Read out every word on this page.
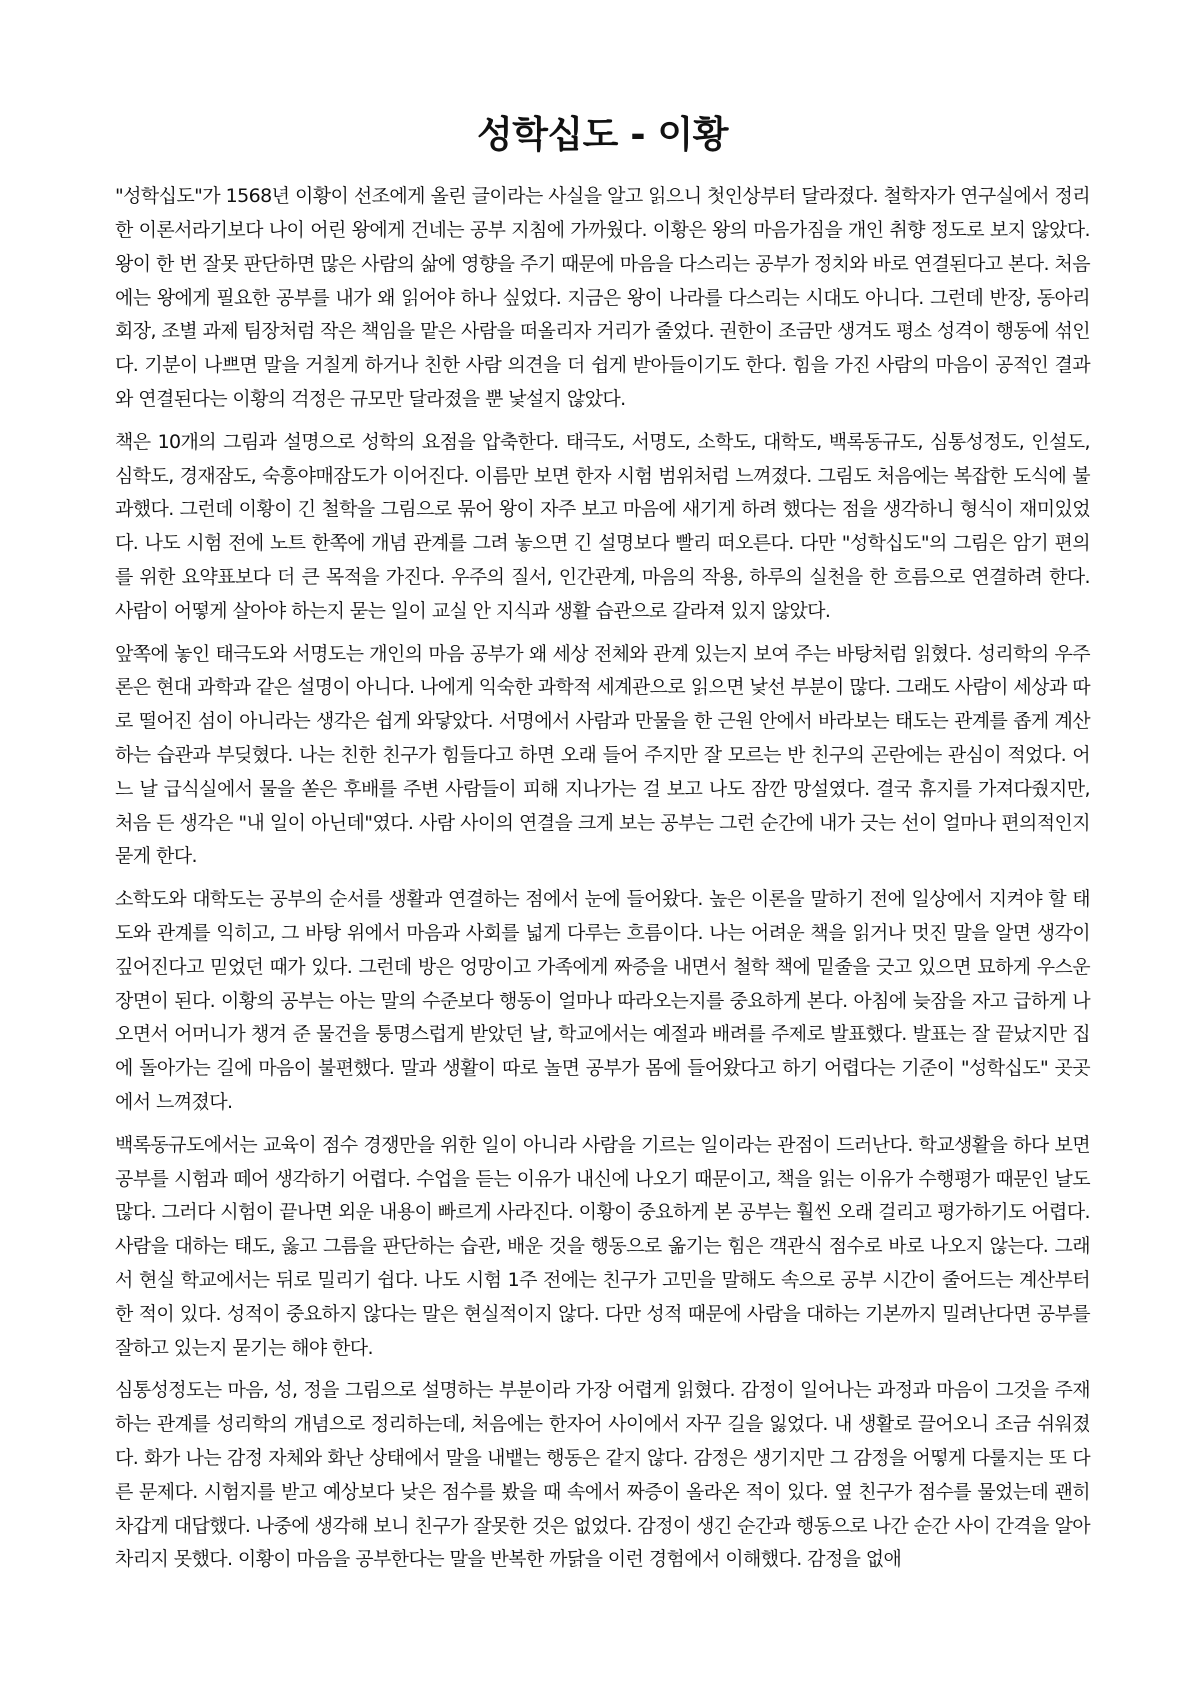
성학십도 - 이황

"성학십도"가 1568년 이황이 선조에게 올린 글이라는 사실을 알고 읽으니 첫인상부터 달라졌다. 철학자가 연구실에서 정리한 이론서라기보다 나이 어린 왕에게 건네는 공부 지침에 가까웠다. 이황은 왕의 마음가짐을 개인 취향 정도로 보지 않았다. 왕이 한 번 잘못 판단하면 많은 사람의 삶에 영향을 주기 때문에 마음을 다스리는 공부가 정치와 바로 연결된다고 본다. 처음에는 왕에게 필요한 공부를 내가 왜 읽어야 하나 싶었다. 지금은 왕이 나라를 다스리는 시대도 아니다. 그런데 반장, 동아리 회장, 조별 과제 팀장처럼 작은 책임을 맡은 사람을 떠올리자 거리가 줄었다. 권한이 조금만 생겨도 평소 성격이 행동에 섞인다. 기분이 나쁘면 말을 거칠게 하거나 친한 사람 의견을 더 쉽게 받아들이기도 한다. 힘을 가진 사람의 마음이 공적인 결과와 연결된다는 이황의 걱정은 규모만 달라졌을 뿐 낯설지 않았다.

책은 10개의 그림과 설명으로 성학의 요점을 압축한다. 태극도, 서명도, 소학도, 대학도, 백록동규도, 심통성정도, 인설도, 심학도, 경재잠도, 숙흥야매잠도가 이어진다. 이름만 보면 한자 시험 범위처럼 느껴졌다. 그림도 처음에는 복잡한 도식에 불과했다. 그런데 이황이 긴 철학을 그림으로 묶어 왕이 자주 보고 마음에 새기게 하려 했다는 점을 생각하니 형식이 재미있었다. 나도 시험 전에 노트 한쪽에 개념 관계를 그려 놓으면 긴 설명보다 빨리 떠오른다. 다만 "성학십도"의 그림은 암기 편의를 위한 요약표보다 더 큰 목적을 가진다. 우주의 질서, 인간관계, 마음의 작용, 하루의 실천을 한 흐름으로 연결하려 한다. 사람이 어떻게 살아야 하는지 묻는 일이 교실 안 지식과 생활 습관으로 갈라져 있지 않았다.

앞쪽에 놓인 태극도와 서명도는 개인의 마음 공부가 왜 세상 전체와 관계 있는지 보여 주는 바탕처럼 읽혔다. 성리학의 우주론은 현대 과학과 같은 설명이 아니다. 나에게 익숙한 과학적 세계관으로 읽으면 낯선 부분이 많다. 그래도 사람이 세상과 따로 떨어진 섬이 아니라는 생각은 쉽게 와닿았다. 서명에서 사람과 만물을 한 근원 안에서 바라보는 태도는 관계를 좁게 계산하는 습관과 부딪혔다. 나는 친한 친구가 힘들다고 하면 오래 들어 주지만 잘 모르는 반 친구의 곤란에는 관심이 적었다. 어느 날 급식실에서 물을 쏟은 후배를 주변 사람들이 피해 지나가는 걸 보고 나도 잠깐 망설였다. 결국 휴지를 가져다줬지만, 처음 든 생각은 "내 일이 아닌데"였다. 사람 사이의 연결을 크게 보는 공부는 그런 순간에 내가 긋는 선이 얼마나 편의적인지 묻게 한다.

소학도와 대학도는 공부의 순서를 생활과 연결하는 점에서 눈에 들어왔다. 높은 이론을 말하기 전에 일상에서 지켜야 할 태도와 관계를 익히고, 그 바탕 위에서 마음과 사회를 넓게 다루는 흐름이다. 나는 어려운 책을 읽거나 멋진 말을 알면 생각이 깊어진다고 믿었던 때가 있다. 그런데 방은 엉망이고 가족에게 짜증을 내면서 철학 책에 밑줄을 긋고 있으면 묘하게 우스운 장면이 된다. 이황의 공부는 아는 말의 수준보다 행동이 얼마나 따라오는지를 중요하게 본다. 아침에 늦잠을 자고 급하게 나오면서 어머니가 챙겨 준 물건을 퉁명스럽게 받았던 날, 학교에서는 예절과 배려를 주제로 발표했다. 발표는 잘 끝났지만 집에 돌아가는 길에 마음이 불편했다. 말과 생활이 따로 놀면 공부가 몸에 들어왔다고 하기 어렵다는 기준이 "성학십도" 곳곳에서 느껴졌다.

백록동규도에서는 교육이 점수 경쟁만을 위한 일이 아니라 사람을 기르는 일이라는 관점이 드러난다. 학교생활을 하다 보면 공부를 시험과 떼어 생각하기 어렵다. 수업을 듣는 이유가 내신에 나오기 때문이고, 책을 읽는 이유가 수행평가 때문인 날도 많다. 그러다 시험이 끝나면 외운 내용이 빠르게 사라진다. 이황이 중요하게 본 공부는 훨씬 오래 걸리고 평가하기도 어렵다. 사람을 대하는 태도, 옳고 그름을 판단하는 습관, 배운 것을 행동으로 옮기는 힘은 객관식 점수로 바로 나오지 않는다. 그래서 현실 학교에서는 뒤로 밀리기 쉽다. 나도 시험 1주 전에는 친구가 고민을 말해도 속으로 공부 시간이 줄어드는 계산부터 한 적이 있다. 성적이 중요하지 않다는 말은 현실적이지 않다. 다만 성적 때문에 사람을 대하는 기본까지 밀려난다면 공부를 잘하고 있는지 묻기는 해야 한다.

심통성정도는 마음, 성, 정을 그림으로 설명하는 부분이라 가장 어렵게 읽혔다. 감정이 일어나는 과정과 마음이 그것을 주재하는 관계를 성리학의 개념으로 정리하는데, 처음에는 한자어 사이에서 자꾸 길을 잃었다. 내 생활로 끌어오니 조금 쉬워졌다. 화가 나는 감정 자체와 화난 상태에서 말을 내뱉는 행동은 같지 않다. 감정은 생기지만 그 감정을 어떻게 다룰지는 또 다른 문제다. 시험지를 받고 예상보다 낮은 점수를 봤을 때 속에서 짜증이 올라온 적이 있다. 옆 친구가 점수를 물었는데 괜히 차갑게 대답했다. 나중에 생각해 보니 친구가 잘못한 것은 없었다. 감정이 생긴 순간과 행동으로 나간 순간 사이 간격을 알아차리지 못했다. 이황이 마음을 공부한다는 말을 반복한 까닭을 이런 경험에서 이해했다. 감정을 없애
